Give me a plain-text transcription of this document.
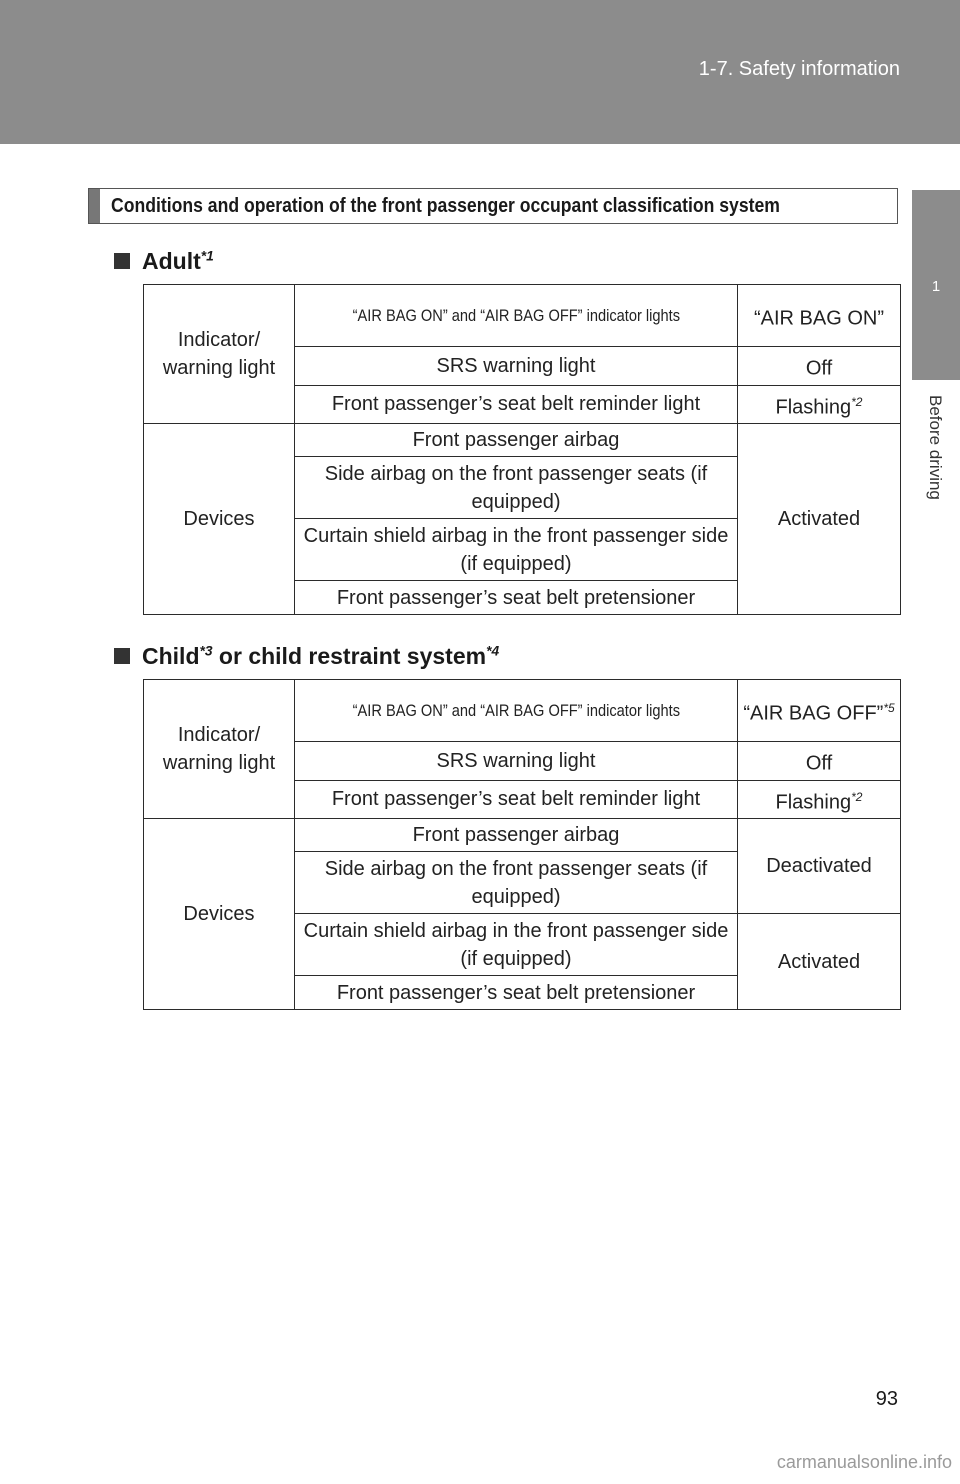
1-7. Safety information
1
Before driving
Conditions and operation of the front passenger occupant classification system
Adult$^{*1}$
Indicator/ warning light	“AIR BAG ON” and “AIR BAG OFF” indicator lights	“AIR BAG ON”
	SRS warning light	Off
	Front passenger’s seat belt reminder light	Flashing$^{*2}$
Devices	Front passenger airbag	Activated
	Side airbag on the front passenger seats (if equipped)	
	Curtain shield airbag in the front passenger side (if equipped)	
	Front passenger’s seat belt pretensioner	
Child$^{*3}$ or child restraint system$^{*4}$
Indicator/ warning light	“AIR BAG ON” and “AIR BAG OFF” indicator lights	“AIR BAG OFF”$^{*5}$
	SRS warning light	Off
	Front passenger’s seat belt reminder light	Flashing$^{*2}$
Devices	Front passenger airbag	Deactivated
	Side airbag on the front passenger seats (if equipped)	
	Curtain shield airbag in the front passenger side (if equipped)	Activated
	Front passenger’s seat belt pretensioner	
93
carmanualsonline.info
